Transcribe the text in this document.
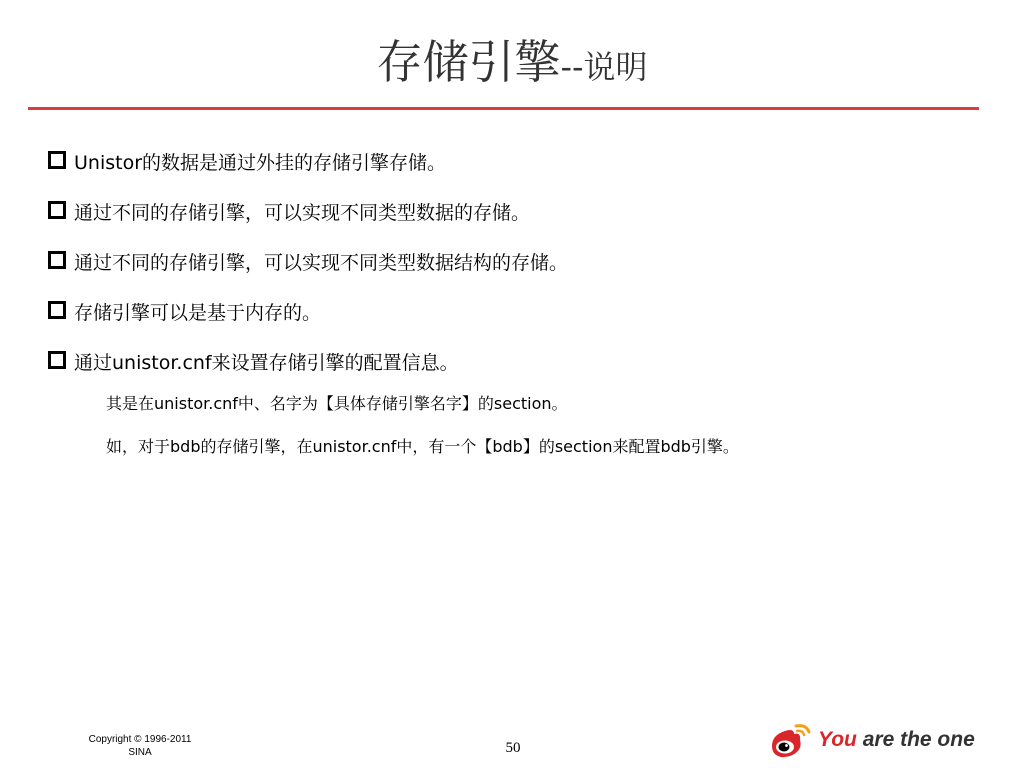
存储引擎--说明
Unistor的数据是通过外挂的存储引擎存储。
通过不同的存储引擎，可以实现不同类型数据的存储。
通过不同的存储引擎，可以实现不同类型数据结构的存储。
存储引擎可以是基于内存的。
通过unistor.cnf来设置存储引擎的配置信息。
其是在unistor.cnf中、名字为【具体存储引擎名字】的section。
如，对于bdb的存储引擎，在unistor.cnf中，有一个【bdb】的section来配置bdb引擎。
Copyright © 1996-2011
SINA	50	You are the one
